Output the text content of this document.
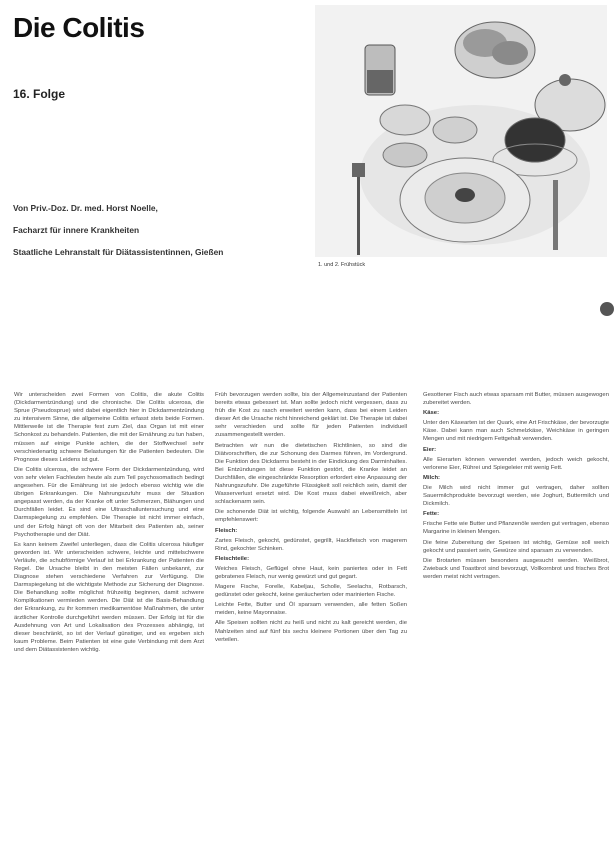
Die Colitis
16. Folge
Von Priv.-Doz. Dr. med. Horst Noelle,
Facharzt für innere Krankheiten
Staatliche Lehranstalt für Diätassistentinnen, Gießen
1. und 2. Frühstück

Wir unterscheiden zwei Formen von Colitis, die akute Colitis (Dickdarmentzündung) und die chronische. Die Colitis ulcerosa, die Sprue (Pseudosprue) wird dabei eigentlich hier in Dickdarmentzündung zu intensivem Sinne, die allgemeine Colitis erfasst stets beide Formen. Mittlerweile ist die Therapie fest zum Ziel, das Organ ist mit einer Schonkost zu behandeln. Patienten, die mit der Ernährung zu tun haben, müssen auf einige Punkte achten, die der Stoffwechsel sehr verschiedenartig schwere Belastungen für die Patienten bedeuten. Die Prognose dieses Leidens ist gut.

Die Colitis ulcerosa, die schwere Form der Dickdarmentzündung, wird von sehr vielen Fachleuten heute als zum Teil psychosomatisch bedingt angesehen. Für die Ernährung ist sie jedoch ebenso wichtig wie die übrigen Erkrankungen. Die Nahrungszufuhr muss der Situation angepasst werden, da der Kranke oft unter Schmerzen, Blähungen und Durchfällen leidet. Es sind eine Ultraschalluntersuchung und eine Darmspiegelung zu empfehlen. Die Therapie ist nicht immer einfach, und der Erfolg hängt oft von der Mitarbeit des Patienten ab, seiner Psychotherapie und der Diät.

Es kann keinem Zweifel unterliegen, dass die Colitis ulcerosa häufiger geworden ist. Wir unterscheiden schwere, leichte und mittelschwere Verläufe, die schubförmige Verlauf ist bei Erkrankung der Patienten die Regel. Die Ursache bleibt in den meisten Fällen unbekannt, zur Diagnose stehen verschiedene Verfahren zur Verfügung. Die Darmspiegelung ist die wichtigste Methode zur Sicherung der Diagnose. Die Behandlung sollte möglichst frühzeitig beginnen, damit schwere Komplikationen vermieden werden. Die Diät ist die Basis-Behandlung der Erkrankung, zu ihr kommen medikamentöse Maßnahmen, die unter ärztlicher Kontrolle durchgeführt werden müssen. Der Erfolg ist für die Ausdehnung von Art und Lokalisation des Prozesses abhängig, ist dieser beschränkt, so ist der Verlauf günstiger, und es ergeben sich kaum Probleme. Beim Patienten ist eine gute Verbindung mit dem Arzt und dem Diätassistenten wichtig.

Früh bevorzugen werden sollte, bis der Allgemeinzustand der Patienten bereits etwas gebessert ist. Man sollte jedoch nicht vergessen, dass zu früh die Kost zu rasch erweitert werden kann, dass bei einem Leiden dieser Art die Ursache nicht hinreichend geklärt ist. Die Therapie ist dabei sehr verschieden und sollte für jeden Patienten individuell zusammengestellt werden.

Betrachten wir nun die dietetischen Richtlinien, so sind die Diätvorschriften, die zur Schonung des Darmes führen, im Vordergrund. Die Funktion des Dickdarms besteht in der Eindickung des Darminhaltes. Bei Entzündungen ist diese Funktion gestört, die Kranke leidet an Durchfällen, die eingeschränkte Resorption erfordert eine Anpassung der Nahrungszufuhr. Die zugeführte Flüssigkeit soll reichlich sein, damit der Wasserverlust ersetzt wird. Die Kost muss dabei eiweißreich, aber schlackenarm sein.

Die schonende Diät ist wichtig, folgende Auswahl an Lebensmitteln ist empfehlenswert:

Fleisch:

Zartes Fleisch, gekocht, gedünstet, gegrillt, Hackfleisch von magerem Rind, gekochter Schinken.

Fleischteile:

Weiches Fleisch, Geflügel ohne Haut, kein paniertes oder in Fett gebratenes Fleisch, nur wenig gewürzt und gut gegart.

Magere Fische, Forelle, Kabeljau, Scholle, Seelachs, Rotbarsch, gedünstet oder gekocht, keine geräucherten oder marinierten Fische.

Leichte Fette, Butter und Öl sparsam verwenden, alle fetten Soßen meiden, keine Mayonnaise.

Alle Speisen sollten nicht zu heiß und nicht zu kalt gereicht werden, die Mahlzeiten sind auf fünf bis sechs kleinere Portionen über den Tag zu verteilen.

Gesottener Fisch auch etwas sparsam mit Butter, müssen ausgewogen zubereitet werden.

Käse:

Unter den Käsearten ist der Quark, eine Art Frischkäse, der bevorzugte Käse. Dabei kann man auch Schmelzkäse, Weichkäse in geringen Mengen und mit niedrigem Fettgehalt verwenden.

Eier:

Alle Eierarten können verwendet werden, jedoch weich gekocht, verlorene Eier, Rührei und Spiegeleier mit wenig Fett.

Milch:

Die Milch wird nicht immer gut vertragen, daher sollten Sauermilchprodukte bevorzugt werden, wie Joghurt, Buttermilch und Dickmilch.

Fette:

Frische Fette wie Butter und Pflanzenöle werden gut vertragen, ebenso Margarine in kleinen Mengen.

Die feine Zubereitung der Speisen ist wichtig, Gemüse soll weich gekocht und passiert sein, Gewürze sind sparsam zu verwenden.

Die Brotarten müssen besonders ausgesucht werden. Weißbrot, Zwieback und Toastbrot sind bevorzugt, Vollkornbrot und frisches Brot werden meist nicht vertragen.
